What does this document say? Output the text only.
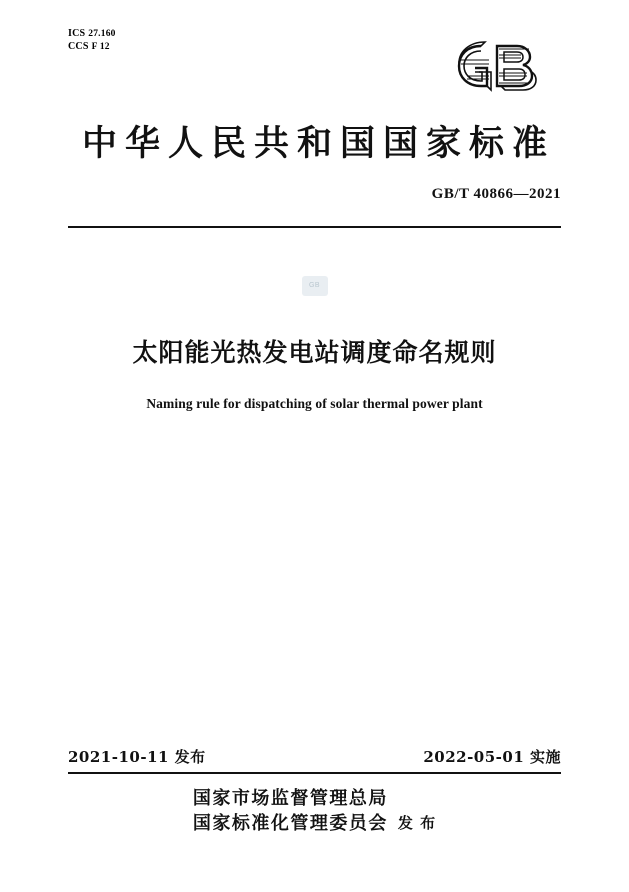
ICS 27.160
CCS F 12
中华人民共和国国家标准
GB/T 40866—2021
GB
太阳能光热发电站调度命名规则
Naming rule for dispatching of solar thermal power plant
2021-10-11 发布	2022-05-01 实施
国家市场监督管理总局
国家标准化管理委员会 发 布
